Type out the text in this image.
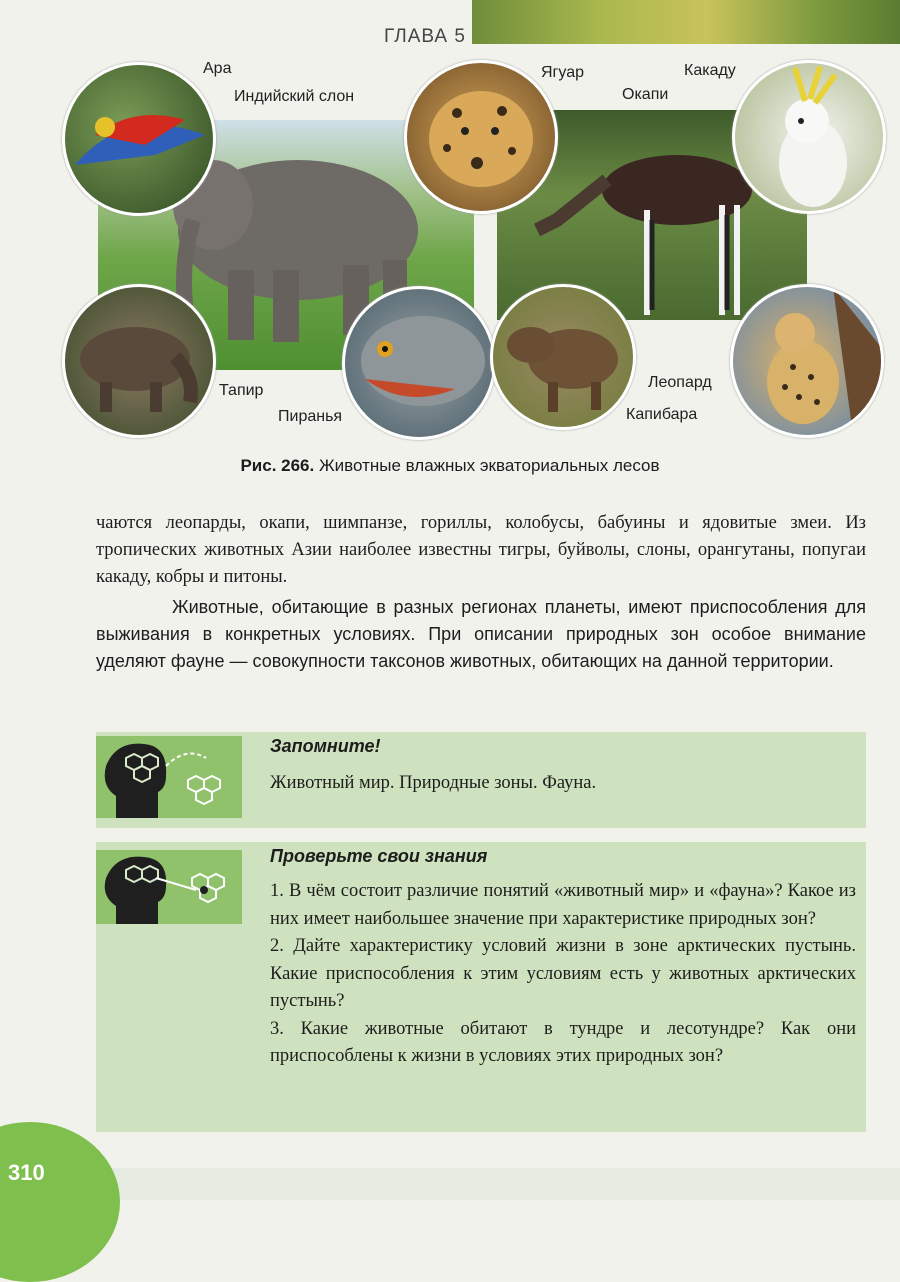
ГЛАВА 5
Ара
Индийский слон
Ягуар
Окапи
Какаду
Тапир
Пиранья
Леопард
Капибара
Рис. 266. Животные влажных экваториальных лесов

чаются леопарды, окапи, шимпанзе, гориллы, колобусы, бабуины и ядовитые змеи. Из тропических животных Азии наиболее известны тигры, буйволы, слоны, орангутаны, попугаи какаду, кобры и питоны.

Животные, обитающие в разных регионах планеты, имеют приспособления для выживания в конкретных условиях. При описании природных зон особое внимание уделяют фауне — совокупности таксонов животных, обитающих на данной территории.

Запомните!

Животный мир. Природные зоны. Фауна.

Проверьте свои знания
1. В чём состоит различие понятий «животный мир» и «фауна»? Какое из них имеет наибольшее значение при характеристике природных зон?
2. Дайте характеристику условий жизни в зоне арктических пустынь. Какие приспособления к этим условиям есть у животных арктических пустынь?
3. Какие животные обитают в тундре и лесотундре? Как они приспособлены к жизни в условиях этих природных зон?
310
